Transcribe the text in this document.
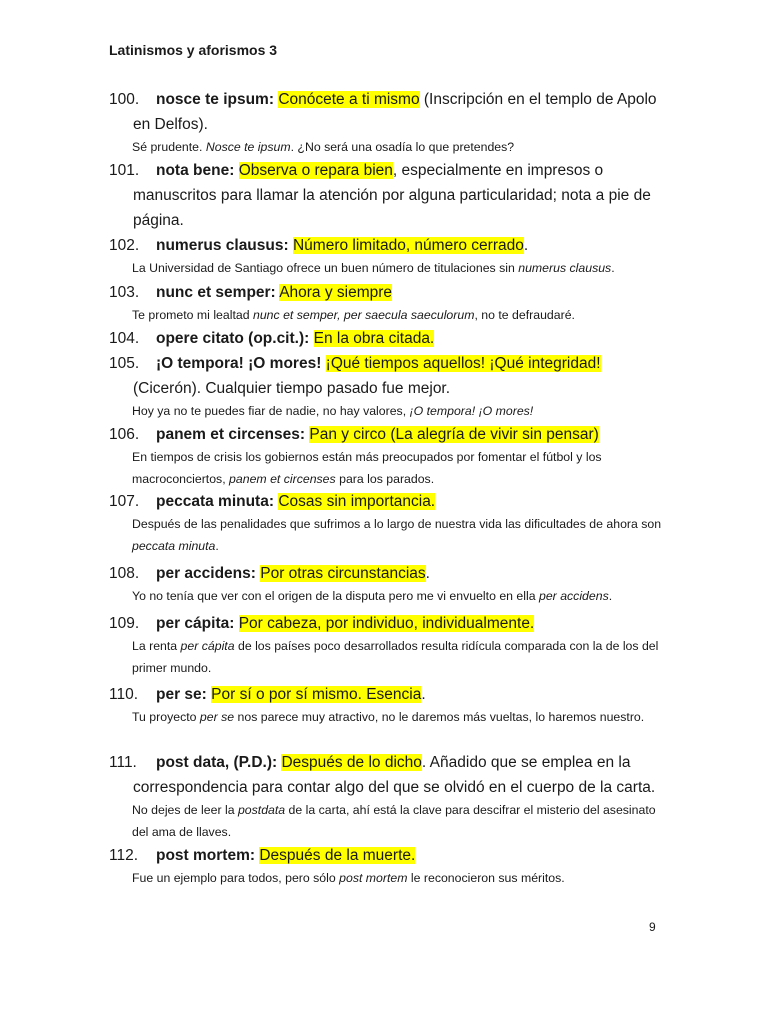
Latinismos y aforismos 3
100. nosce te ipsum: Conócete a ti mismo (Inscripción en el templo de Apolo en Delfos).
Sé prudente. Nosce te ipsum. ¿No será una osadía lo que pretendes?
101. nota bene: Observa o repara bien, especialmente en impresos o manuscritos para llamar la atención por alguna particularidad; nota a pie de página.
102. numerus clausus: Número limitado, número cerrado.
La Universidad de Santiago ofrece un buen número de titulaciones sin numerus clausus.
103. nunc et semper: Ahora y siempre
Te prometo mi lealtad nunc et semper, per saecula saeculorum, no te defraudaré.
104. opere citato (op.cit.): En la obra citada.
105. ¡O tempora! ¡O mores! ¡Qué tiempos aquellos! ¡Qué integridad! (Cicerón). Cualquier tiempo pasado fue mejor.
Hoy ya no te puedes fiar de nadie, no hay valores, ¡O tempora! ¡O mores!
106. panem et circenses: Pan y circo (La alegría de vivir sin pensar)
En tiempos de crisis los gobiernos están más preocupados por fomentar el fútbol y los macroconciertos, panem et circenses para los parados.
107. peccata minuta: Cosas sin importancia.
Después de las penalidades que sufrimos a lo largo de nuestra vida las dificultades de ahora son peccata minuta.
108. per accidens: Por otras circunstancias.
Yo no tenía que ver con el origen de la disputa pero me vi envuelto en ella per accidens.
109. per cápita: Por cabeza, por individuo, individualmente.
La renta per cápita de los países poco desarrollados resulta ridícula comparada con la de los del primer mundo.
110. per se: Por sí o por sí mismo. Esencia.
Tu proyecto per se nos parece muy atractivo, no le daremos más vueltas, lo haremos nuestro.
111. post data, (P.D.): Después de lo dicho. Añadido que se emplea en la correspondencia para contar algo del que se olvidó en el cuerpo de la carta.
No dejes de leer la postdata de la carta, ahí está la clave para descifrar el misterio del asesinato del ama de llaves.
112. post mortem: Después de la muerte.
Fue un ejemplo para todos, pero sólo post mortem le reconocieron sus méritos.
9
